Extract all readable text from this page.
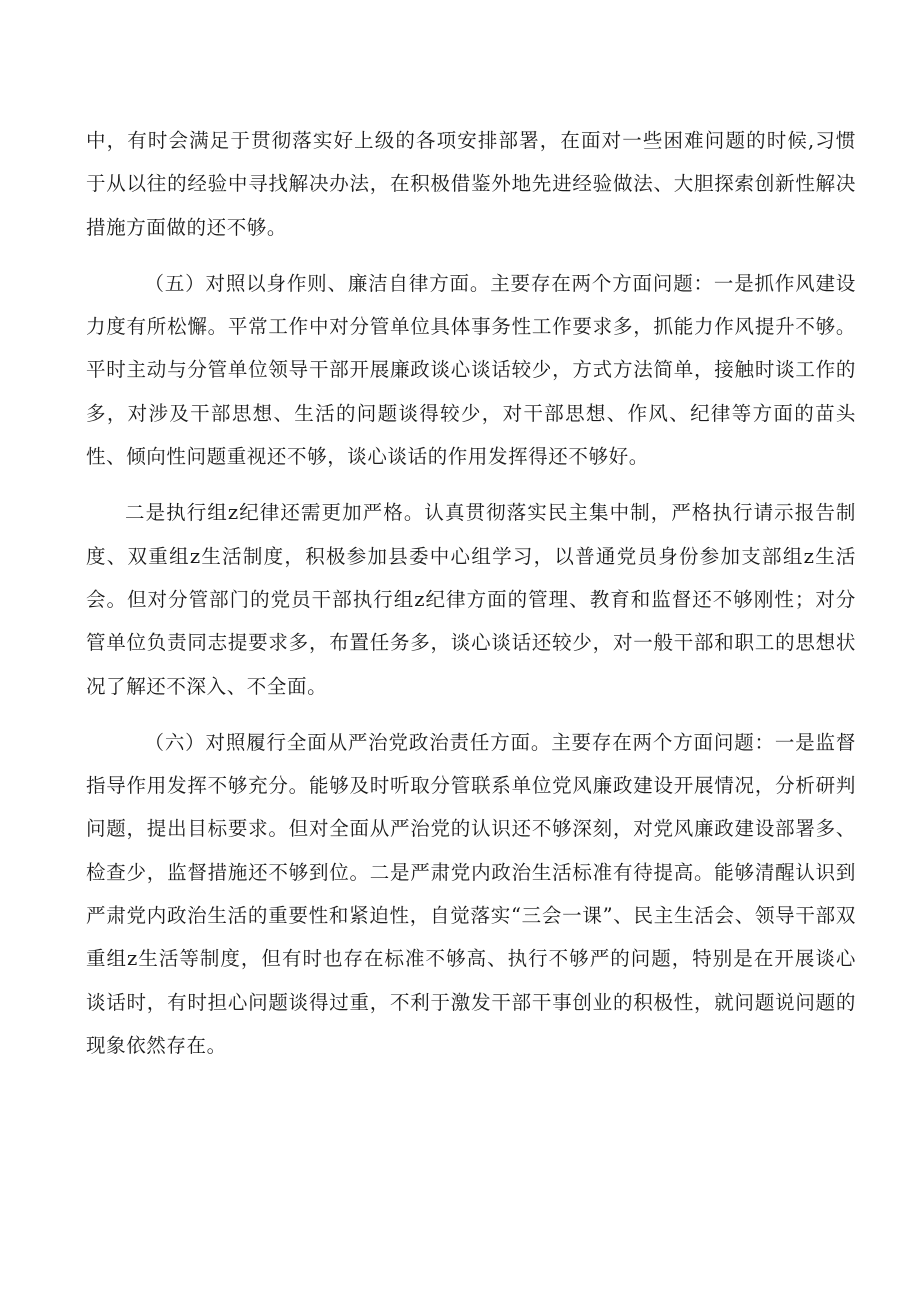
中，有时会满足于贯彻落实好上级的各项安排部署，在面对一些困难问题的时候,习惯于从以往的经验中寻找解决办法，在积极借鉴外地先进经验做法、大胆探索创新性解决措施方面做的还不够。

（五）对照以身作则、廉洁自律方面。主要存在两个方面问题：一是抓作风建设力度有所松懈。平常工作中对分管单位具体事务性工作要求多，抓能力作风提升不够。平时主动与分管单位领导干部开展廉政谈心谈话较少，方式方法简单，接触时谈工作的多，对涉及干部思想、生活的问题谈得较少，对干部思想、作风、纪律等方面的苗头性、倾向性问题重视还不够，谈心谈话的作用发挥得还不够好。

二是执行组z纪律还需更加严格。认真贯彻落实民主集中制，严格执行请示报告制度、双重组z生活制度，积极参加县委中心组学习，以普通党员身份参加支部组z生活会。但对分管部门的党员干部执行组z纪律方面的管理、教育和监督还不够刚性；对分管单位负责同志提要求多，布置任务多，谈心谈话还较少，对一般干部和职工的思想状况了解还不深入、不全面。

（六）对照履行全面从严治党政治责任方面。主要存在两个方面问题：一是监督指导作用发挥不够充分。能够及时听取分管联系单位党风廉政建设开展情况，分析研判问题，提出目标要求。但对全面从严治党的认识还不够深刻，对党风廉政建设部署多、检查少，监督措施还不够到位。二是严肃党内政治生活标准有待提高。能够清醒认识到严肃党内政治生活的重要性和紧迫性，自觉落实“三会一课”、民主生活会、领导干部双重组z生活等制度，但有时也存在标准不够高、执行不够严的问题，特别是在开展谈心谈话时，有时担心问题谈得过重，不利于激发干部干事创业的积极性，就问题说问题的现象依然存在。
